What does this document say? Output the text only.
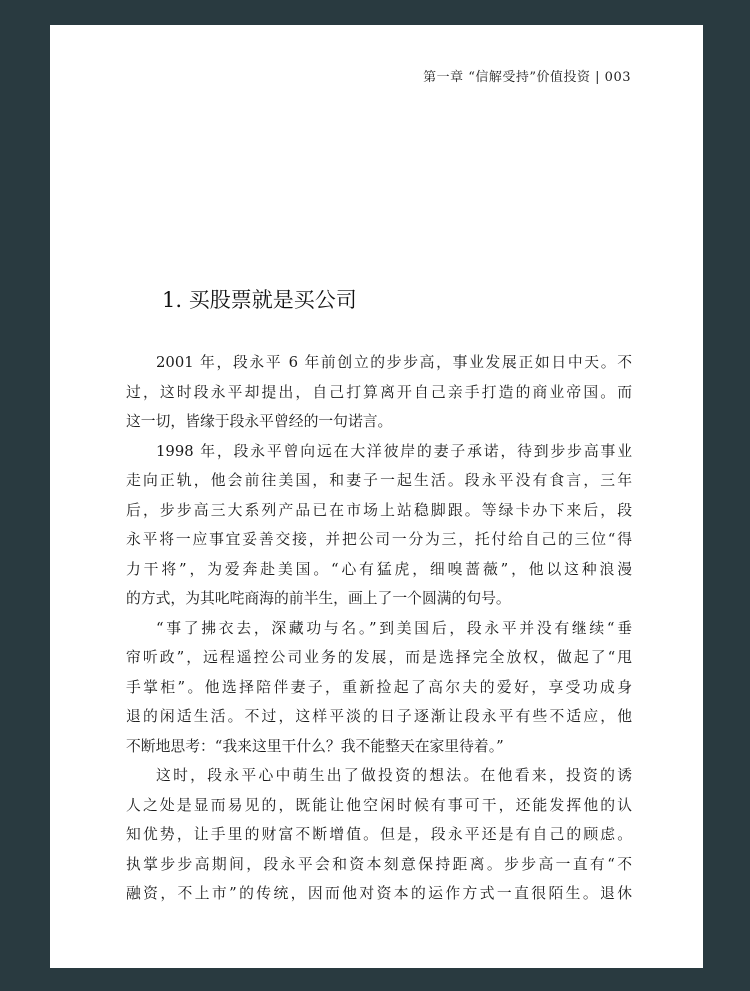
第一章 “信解受持”价值投资 | 003
1. 买股票就是买公司

2001 年，段永平 6 年前创立的步步高，事业发展正如日中天。不
过，这时段永平却提出，自己打算离开自己亲手打造的商业帝国。而
这一切，皆缘于段永平曾经的一句诺言。

1998 年，段永平曾向远在大洋彼岸的妻子承诺，待到步步高事业
走向正轨，他会前往美国，和妻子一起生活。段永平没有食言，三年
后，步步高三大系列产品已在市场上站稳脚跟。等绿卡办下来后，段
永平将一应事宜妥善交接，并把公司一分为三，托付给自己的三位“得
力干将”，为爱奔赴美国。“心有猛虎，细嗅蔷薇”，他以这种浪漫
的方式，为其叱咤商海的前半生，画上了一个圆满的句号。

“事了拂衣去，深藏功与名。”到美国后，段永平并没有继续“垂
帘听政”，远程遥控公司业务的发展，而是选择完全放权，做起了“甩
手掌柜”。他选择陪伴妻子，重新捡起了高尔夫的爱好，享受功成身
退的闲适生活。不过，这样平淡的日子逐渐让段永平有些不适应，他
不断地思考：“我来这里干什么？我不能整天在家里待着。”

这时，段永平心中萌生出了做投资的想法。在他看来，投资的诱
人之处是显而易见的，既能让他空闲时候有事可干，还能发挥他的认
知优势，让手里的财富不断增值。但是，段永平还是有自己的顾虑。
执掌步步高期间，段永平会和资本刻意保持距离。步步高一直有“不
融资，不上市”的传统，因而他对资本的运作方式一直很陌生。退休
